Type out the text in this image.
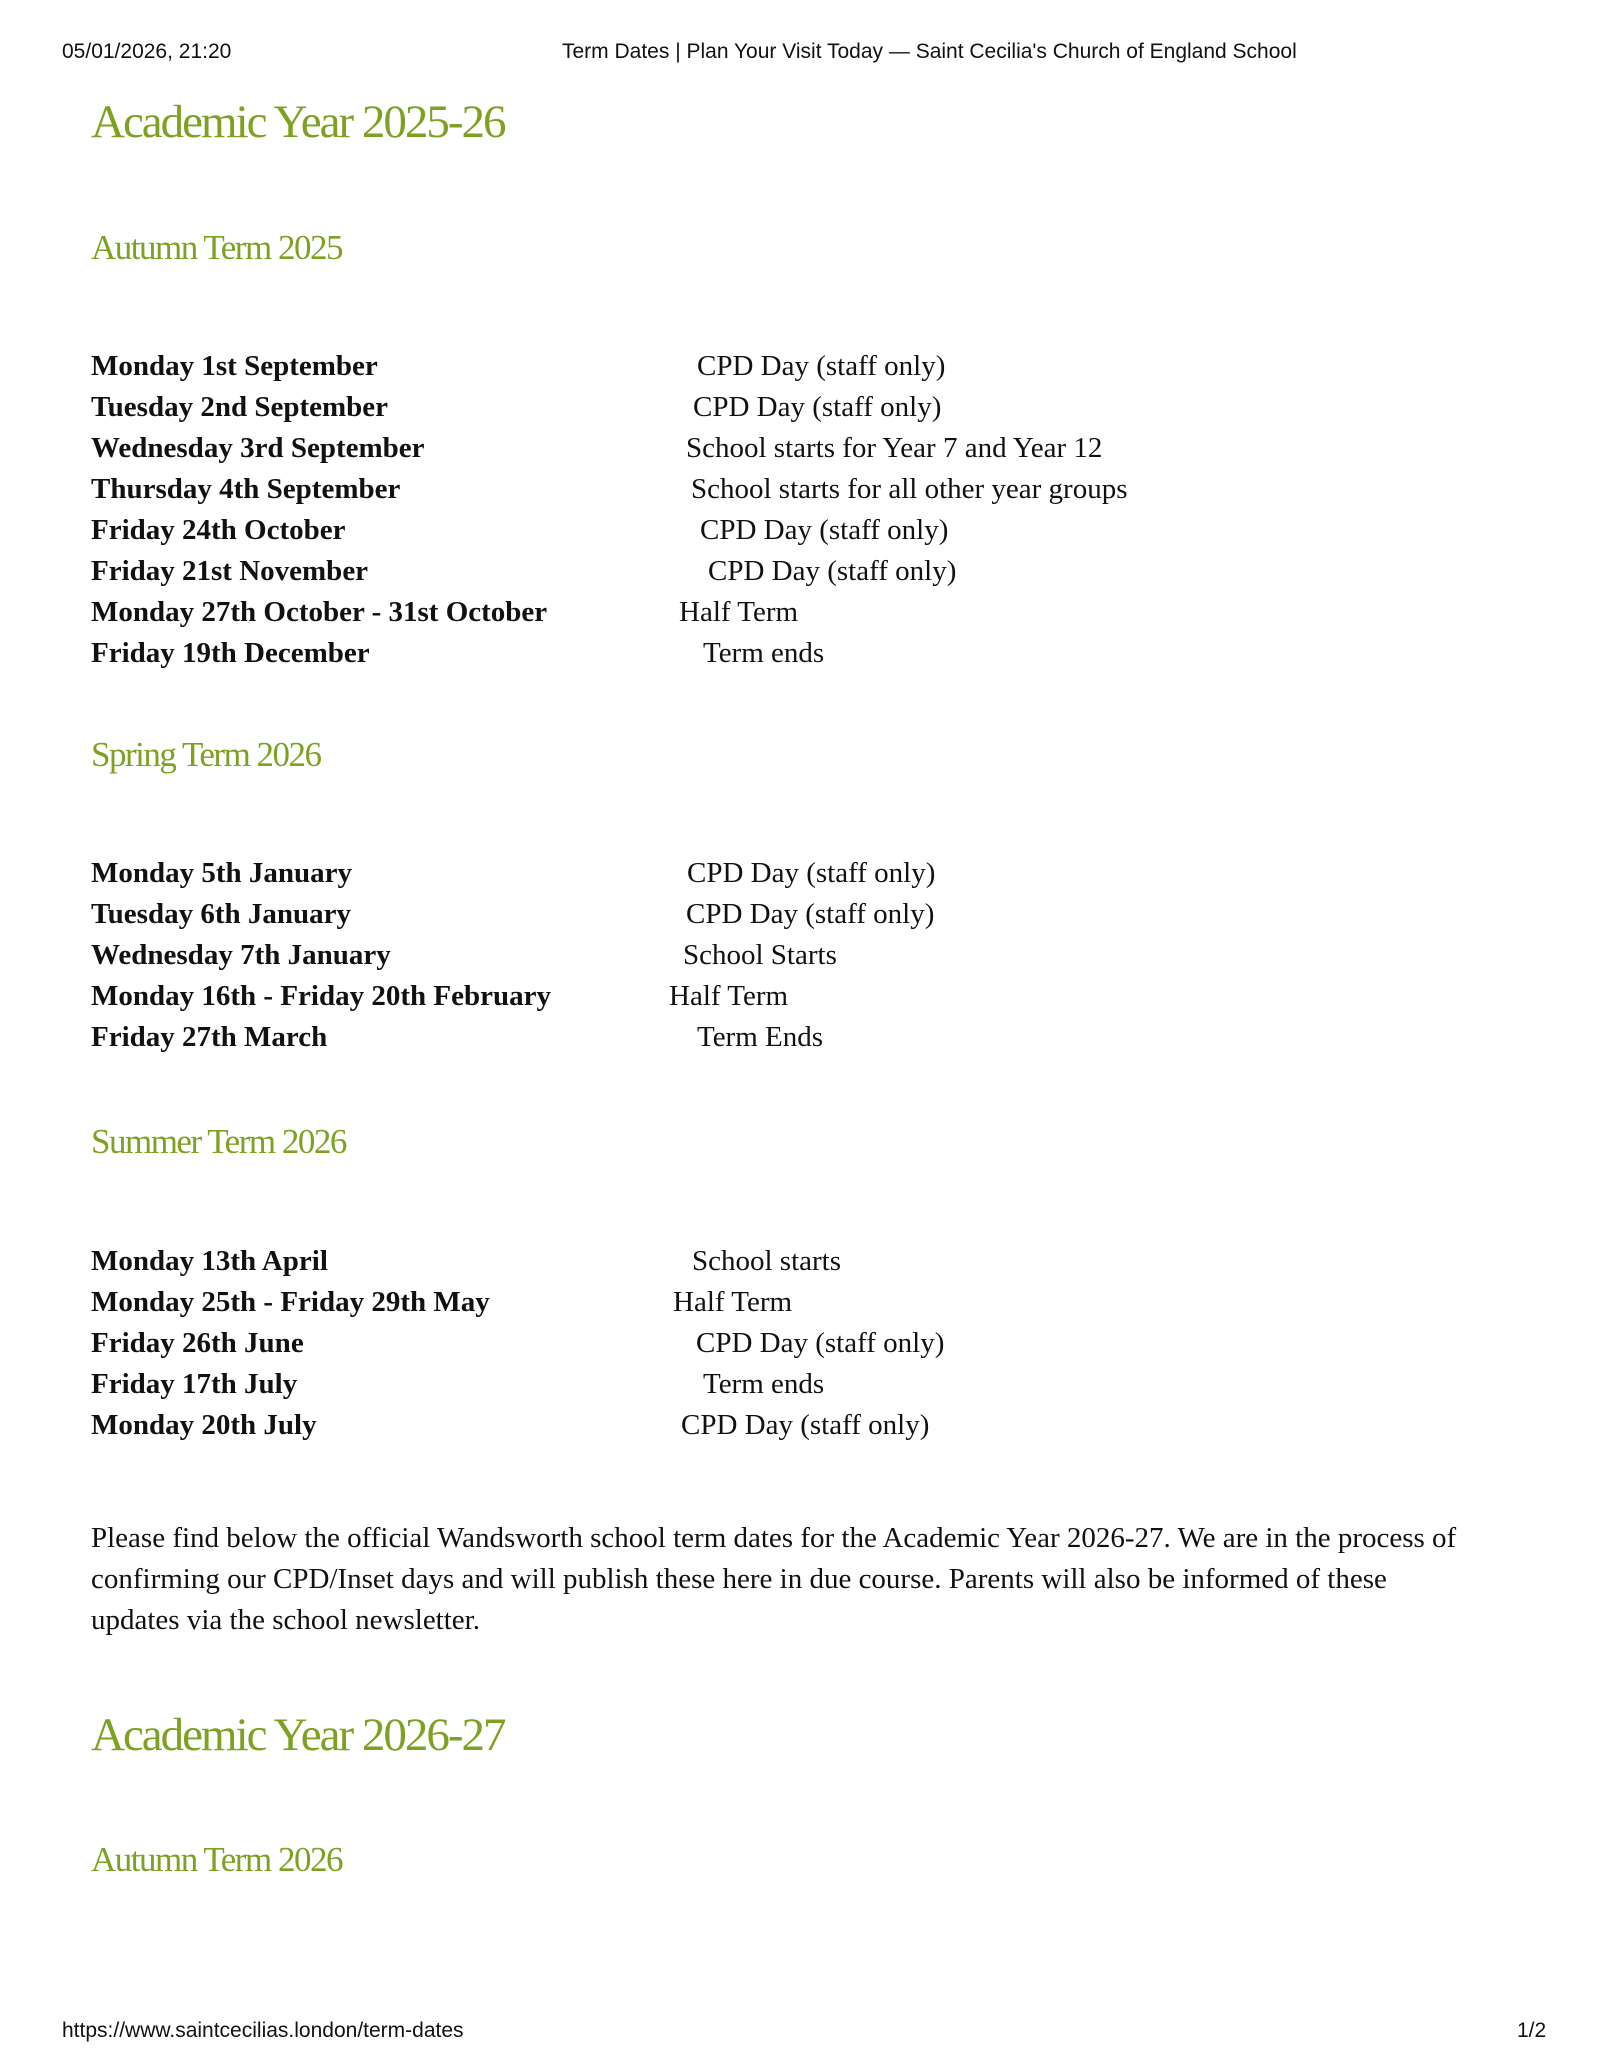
05/01/2026, 21:20	Term Dates | Plan Your Visit Today — Saint Cecilia's Church of England School
Academic Year 2025-26
Autumn Term 2025
Monday 1st September	CPD Day (staff only)
Tuesday 2nd September	CPD Day (staff only)
Wednesday 3rd September	School starts for Year 7 and Year 12
Thursday 4th September	School starts for all other year groups
Friday 24th October	CPD Day (staff only)
Friday 21st November	CPD Day (staff only)
Monday 27th October - 31st October	Half Term
Friday 19th December	Term ends
Spring Term 2026
Monday 5th January	CPD Day (staff only)
Tuesday 6th January	CPD Day (staff only)
Wednesday 7th January	School Starts
Monday 16th - Friday 20th February	Half Term
Friday 27th March	Term Ends
Summer Term 2026
Monday 13th April	School starts
Monday 25th - Friday 29th May	Half Term
Friday 26th June	CPD Day (staff only)
Friday 17th July	Term ends
Monday 20th July	CPD Day (staff only)

Please find below the official Wandsworth school term dates for the Academic Year 2026-27. We are in the process of confirming our CPD/Inset days and will publish these here in due course. Parents will also be informed of these updates via the school newsletter.

Academic Year 2026-27
Autumn Term 2026
https://www.saintcecilias.london/term-dates	1/2
